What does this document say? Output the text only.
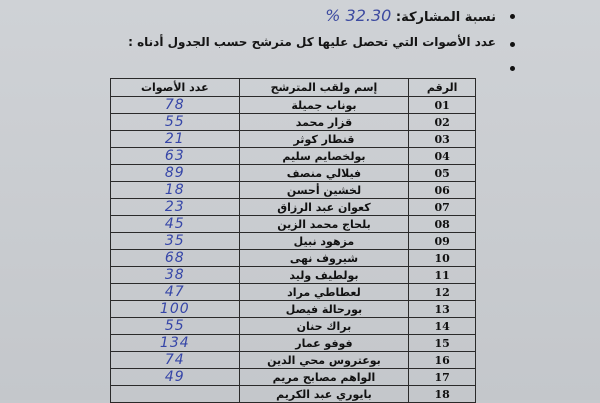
نسبة المشاركة: 32.30 %
عدد الأصوات التي تحصل عليها كل مترشح حسب الجدول أدناه :
الرقم	إسم ولقب المترشح	عدد الأصوات
01	بوناب جميلة	78
02	قزار محمد	55
03	قنطار كوثر	21
04	بولخصايم سليم	63
05	فيلالي منصف	89
06	لخشين أحسن	18
07	كعوان عبد الرزاق	23
08	بلحاج محمد الزين	45
09	مزهود نبيل	35
10	شيروف نهى	68
11	بولطيف وليد	38
12	لعطاطي مراد	47
13	بورحالة فيصل	100
14	براك حنان	55
15	فوفو عمار	134
16	بوعتروس محي الدين	74
17	الواهم مصابح مريم	49
18	بايوري عبد الكريم	
